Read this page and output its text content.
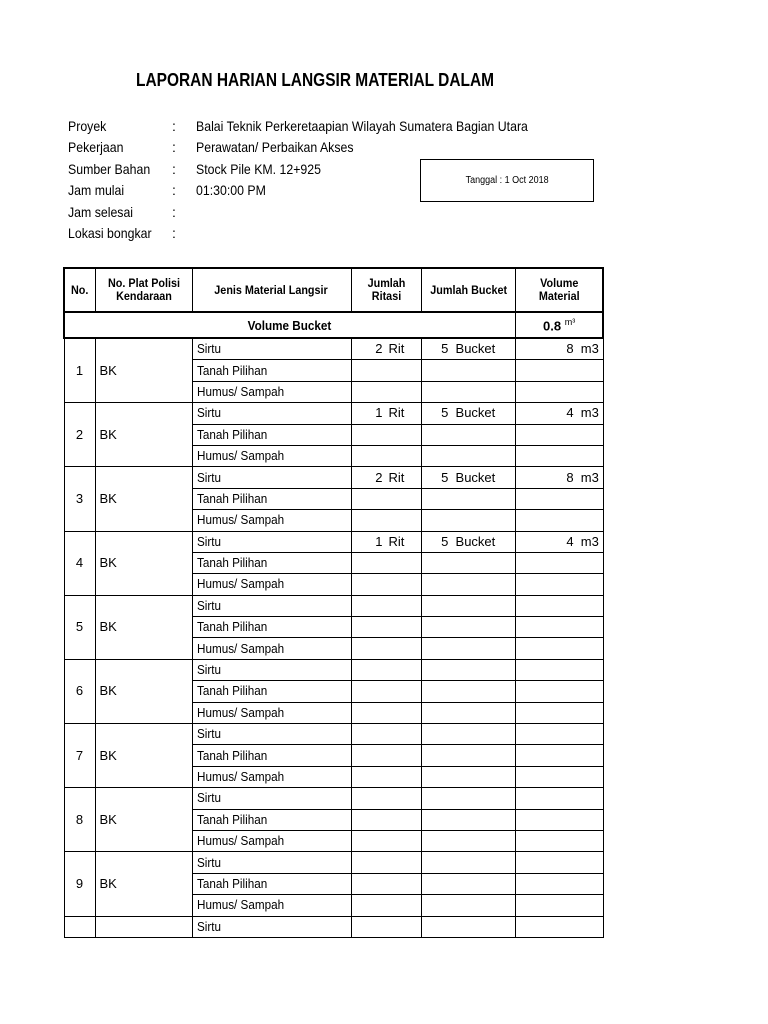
LAPORAN HARIAN LANGSIR MATERIAL DALAM
Proyek	: Balai Teknik Perkeretaapian Wilayah Sumatera Bagian Utara
Pekerjaan	: Perawatan/ Perbaikan Akses
Sumber Bahan : Stock Pile KM. 12+925
Jam mulai	: 01:30:00 PM
Jam selesai	:
Lokasi bongkar :
Tanggal : 1 Oct 2018
No.	No. Plat Polisi Kendaraan	Jenis Material Langsir	Jumlah Ritasi	Jumlah Bucket	Volume Material
Volume Bucket					0.8 $^{m^3}$
1	BK	Sirtu	2 Rit	5 Bucket	8 m3
		Tanah Pilihan			
		Humus/ Sampah			
2	BK	Sirtu	1 Rit	5 Bucket	4 m3
		Tanah Pilihan			
		Humus/ Sampah			
3	BK	Sirtu	2 Rit	5 Bucket	8 m3
		Tanah Pilihan			
		Humus/ Sampah			
4	BK	Sirtu	1 Rit	5 Bucket	4 m3
		Tanah Pilihan			
		Humus/ Sampah			
5	BK	Sirtu			
		Tanah Pilihan			
		Humus/ Sampah			
6	BK	Sirtu			
		Tanah Pilihan			
		Humus/ Sampah			
7	BK	Sirtu			
		Tanah Pilihan			
		Humus/ Sampah			
8	BK	Sirtu			
		Tanah Pilihan			
		Humus/ Sampah			
9	BK	Sirtu			
		Tanah Pilihan			
		Humus/ Sampah			
		Sirtu			
